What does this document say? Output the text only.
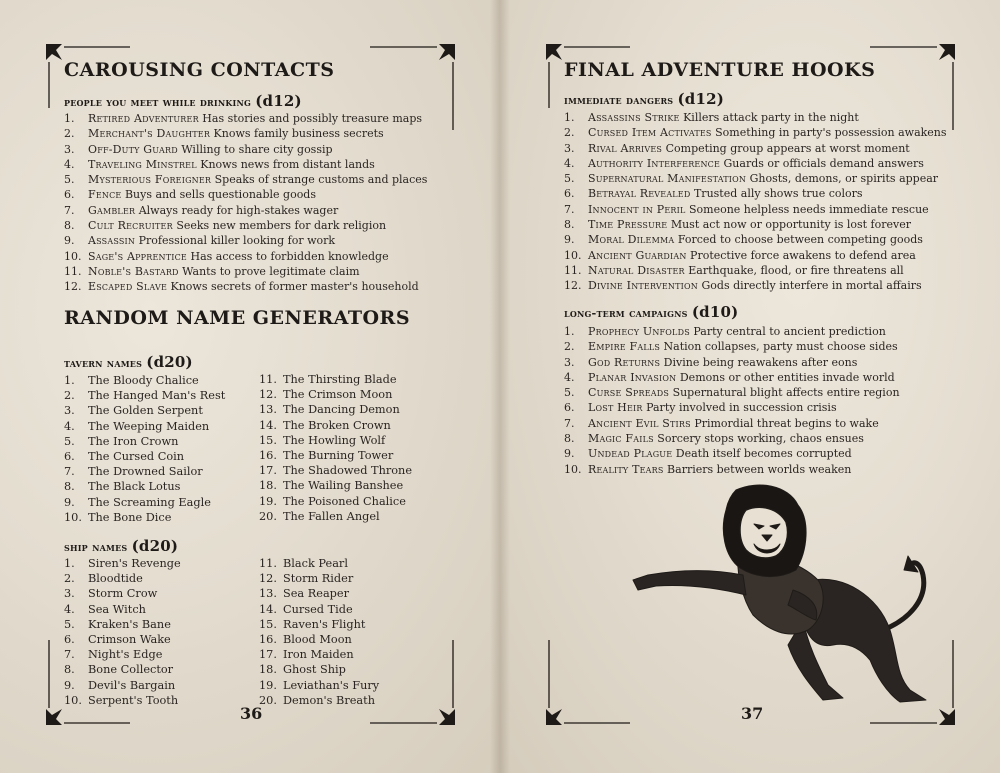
CAROUSING CONTACTS
people you meet while drinking (d12)
1.	Retired Adventurer Has stories and possibly treasure maps
2.	Merchant's Daughter Knows family business secrets
3.	Off-Duty Guard Willing to share city gossip
4.	Traveling Minstrel Knows news from distant lands
5.	Mysterious Foreigner Speaks of strange customs and places
6.	Fence Buys and sells questionable goods
7.	Gambler Always ready for high-stakes wager
8.	Cult Recruiter Seeks new members for dark religion
9.	Assassin Professional killer looking for work
10. Sage's Apprentice Has access to forbidden knowledge
11. Noble's Bastard Wants to prove legitimate claim
12. Escaped Slave Knows secrets of former master's household
RANDOM NAME GENERATORS
tavern names (d20)
1.	The Bloody Chalice
2.	The Hanged Man's Rest
3.	The Golden Serpent
4.	The Weeping Maiden
5.	The Iron Crown
6.	The Cursed Coin
7.	The Drowned Sailor
8.	The Black Lotus
9.	The Screaming Eagle
10. The Bone Dice
11. The Thirsting Blade
12. The Crimson Moon
13. The Dancing Demon
14. The Broken Crown
15. The Howling Wolf
16. The Burning Tower
17. The Shadowed Throne
18. The Wailing Banshee
19. The Poisoned Chalice
20. The Fallen Angel
ship names (d20)
1.	Siren's Revenge
2.	Bloodtide
3.	Storm Crow
4.	Sea Witch
5.	Kraken's Bane
6.	Crimson Wake
7.	Night's Edge
8.	Bone Collector
9.	Devil's Bargain
10. Serpent's Tooth
11. Black Pearl
12. Storm Rider
13. Sea Reaper
14. Cursed Tide
15. Raven's Flight
16. Blood Moon
17. Iron Maiden
18. Ghost Ship
19. Leviathan's Fury
20. Demon's Breath
36
FINAL ADVENTURE HOOKS
immediate dangers (d12)
1.	Assassins Strike Killers attack party in the night
2.	Cursed Item Activates Something in party's possession awakens
3.	Rival Arrives Competing group appears at worst moment
4.	Authority Interference Guards or officials demand answers
5.	Supernatural Manifestation Ghosts, demons, or spirits appear
6.	Betrayal Revealed Trusted ally shows true colors
7.	Innocent in Peril Someone helpless needs immediate rescue
8.	Time Pressure Must act now or opportunity is lost forever
9.	Moral Dilemma Forced to choose between competing goods
10. Ancient Guardian Protective force awakens to defend area
11. Natural Disaster Earthquake, flood, or fire threatens all
12. Divine Intervention Gods directly interfere in mortal affairs
long-term campaigns (d10)
1.	Prophecy Unfolds Party central to ancient prediction
2.	Empire Falls Nation collapses, party must choose sides
3.	God Returns Divine being reawakens after eons
4.	Planar Invasion Demons or other entities invade world
5.	Curse Spreads Supernatural blight affects entire region
6.	Lost Heir Party involved in succession crisis
7.	Ancient Evil Stirs Primordial threat begins to wake
8.	Magic Fails Sorcery stops working, chaos ensues
9.	Undead Plague Death itself becomes corrupted
10. Reality Tears Barriers between worlds weaken
37
